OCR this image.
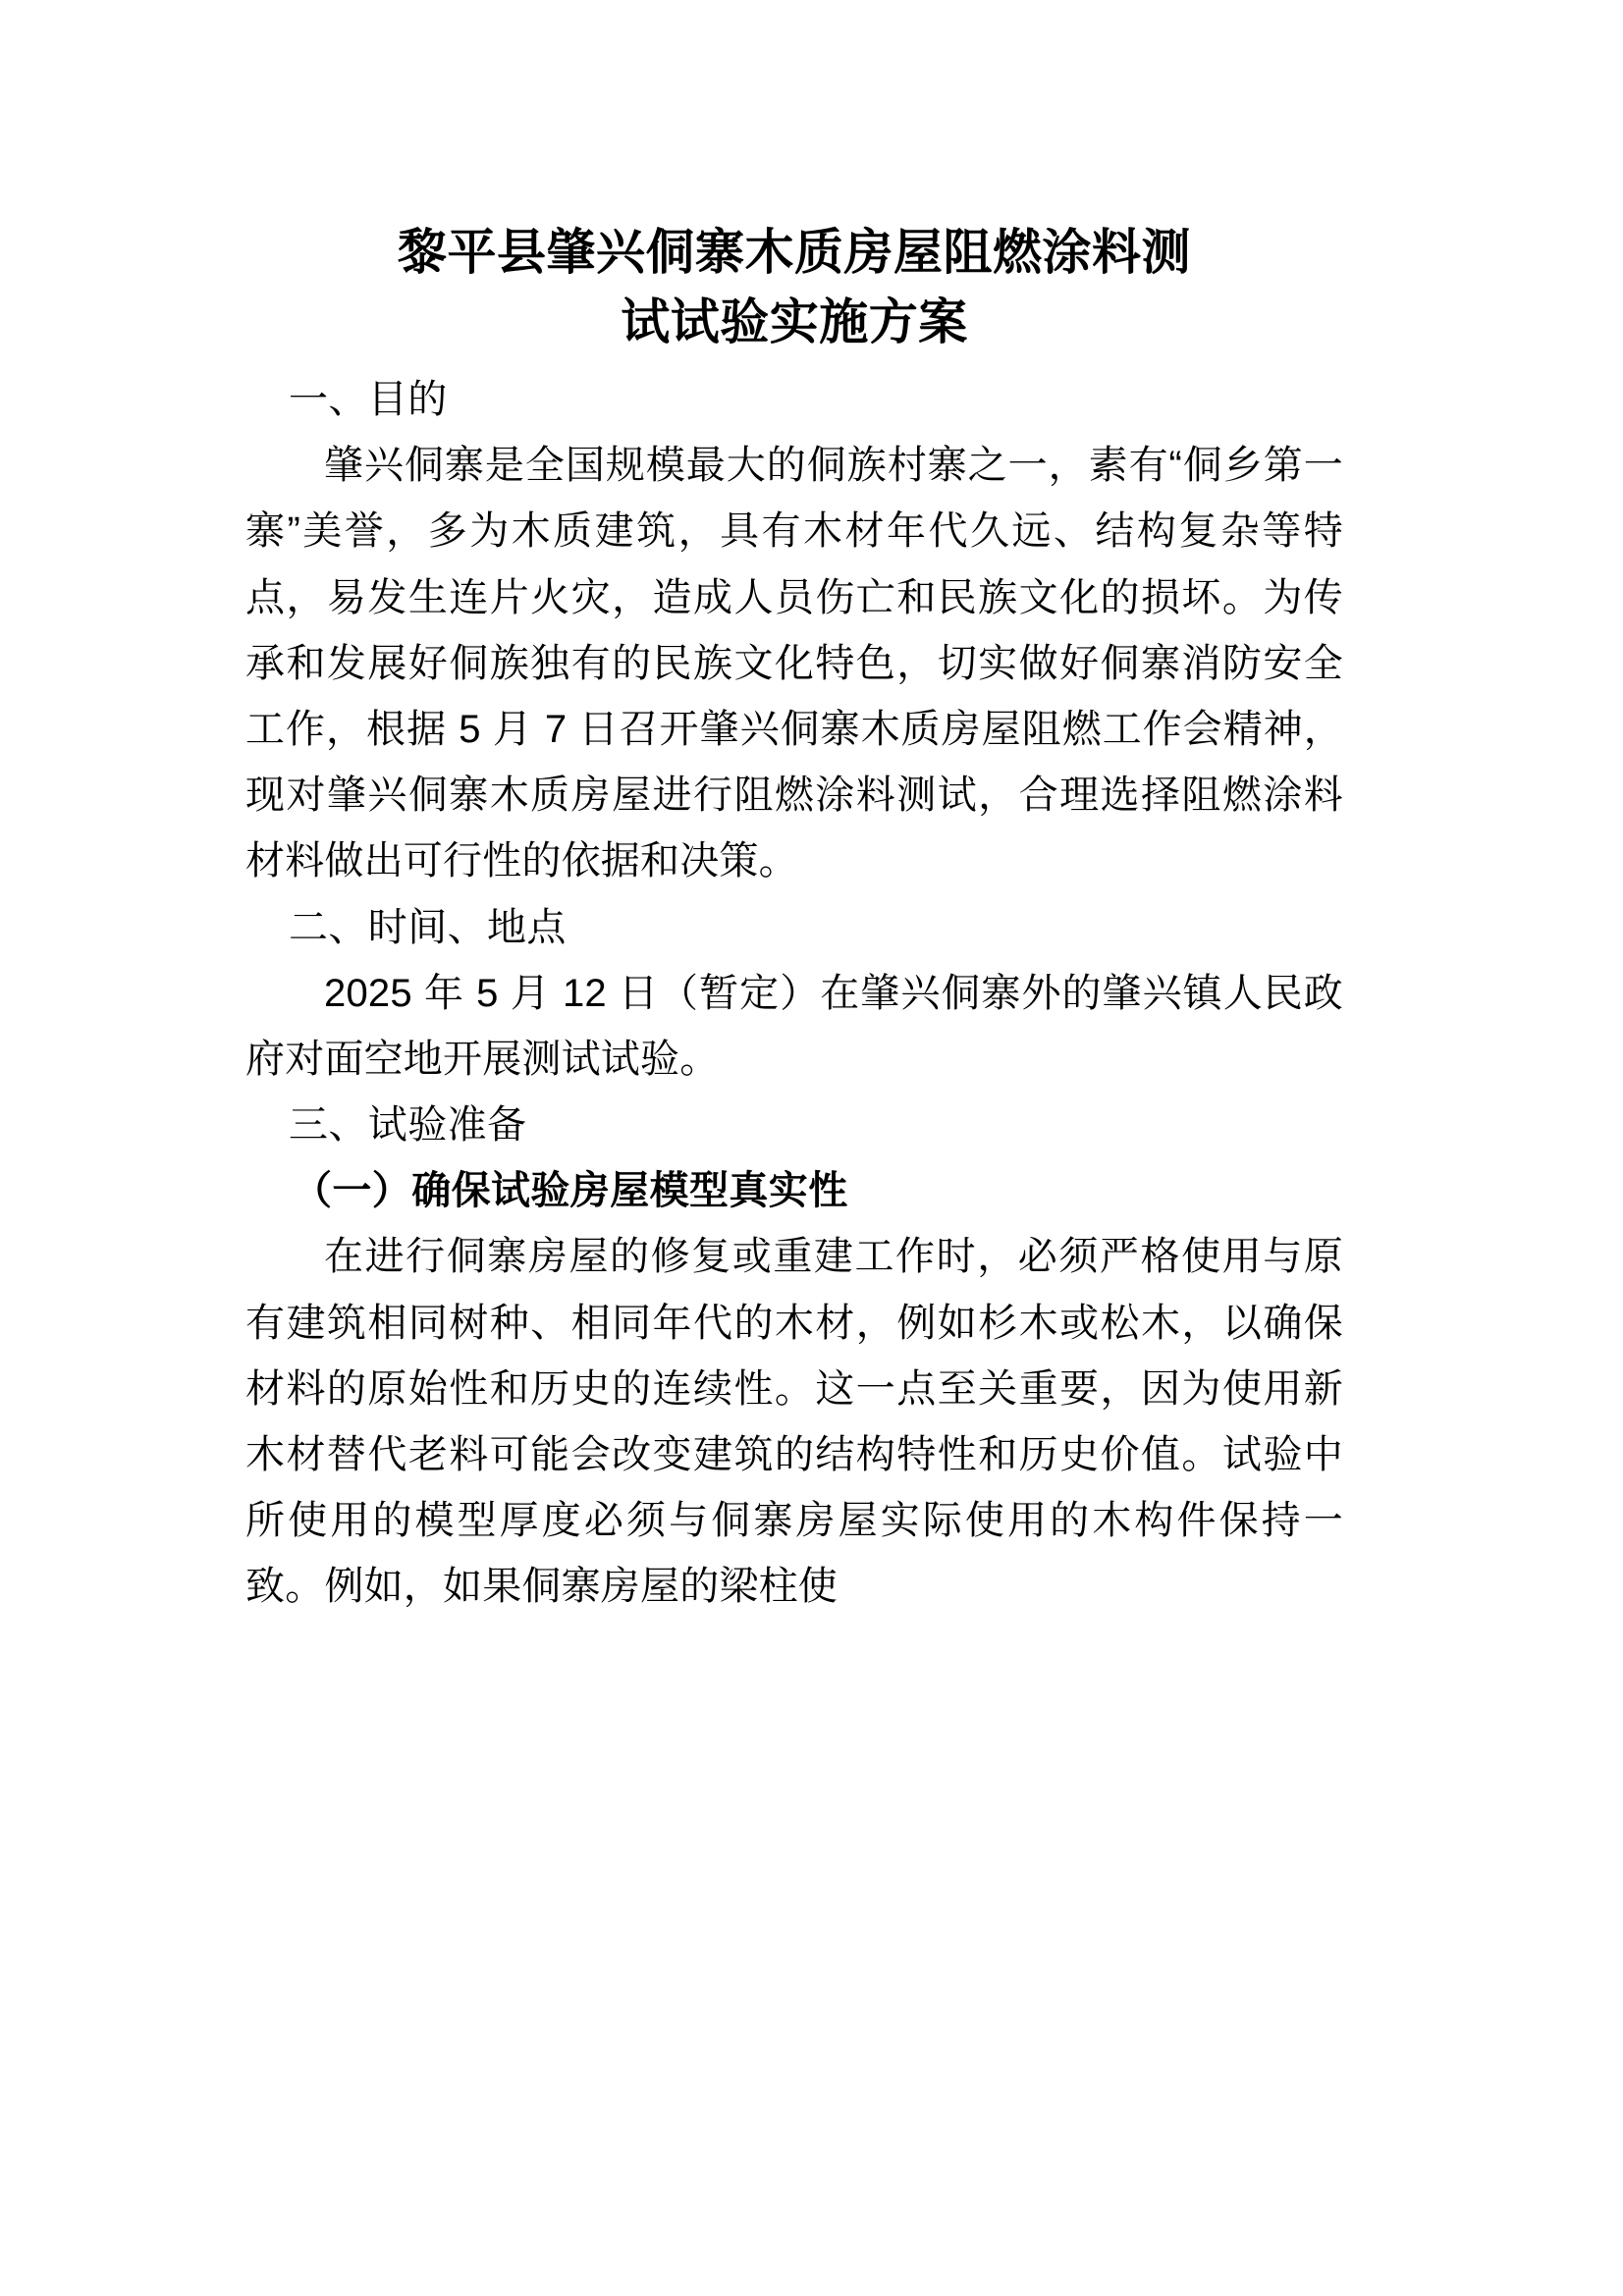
黎平县肇兴侗寨木质房屋阻燃涂料测
试试验实施方案

一、目的

肇兴侗寨是全国规模最大的侗族村寨之一，素有“侗乡第一寨”美誉，多为木质建筑，具有木材年代久远、结构复杂等特点，易发生连片火灾，造成人员伤亡和民族文化的损坏。为传承和发展好侗族独有的民族文化特色，切实做好侗寨消防安全工作，根据 5 月 7 日召开肇兴侗寨木质房屋阻燃工作会精神，现对肇兴侗寨木质房屋进行阻燃涂料测试，合理选择阻燃涂料材料做出可行性的依据和决策。

二、时间、地点

2025 年 5 月 12 日（暂定）在肇兴侗寨外的肇兴镇人民政府对面空地开展测试试验。

三、试验准备

（一）确保试验房屋模型真实性

在进行侗寨房屋的修复或重建工作时，必须严格使用与原有建筑相同树种、相同年代的木材，例如杉木或松木，以确保材料的原始性和历史的连续性。这一点至关重要，因为使用新木材替代老料可能会改变建筑的结构特性和历史价值。试验中所使用的模型厚度必须与侗寨房屋实际使用的木构件保持一致。例如，如果侗寨房屋的梁柱使
